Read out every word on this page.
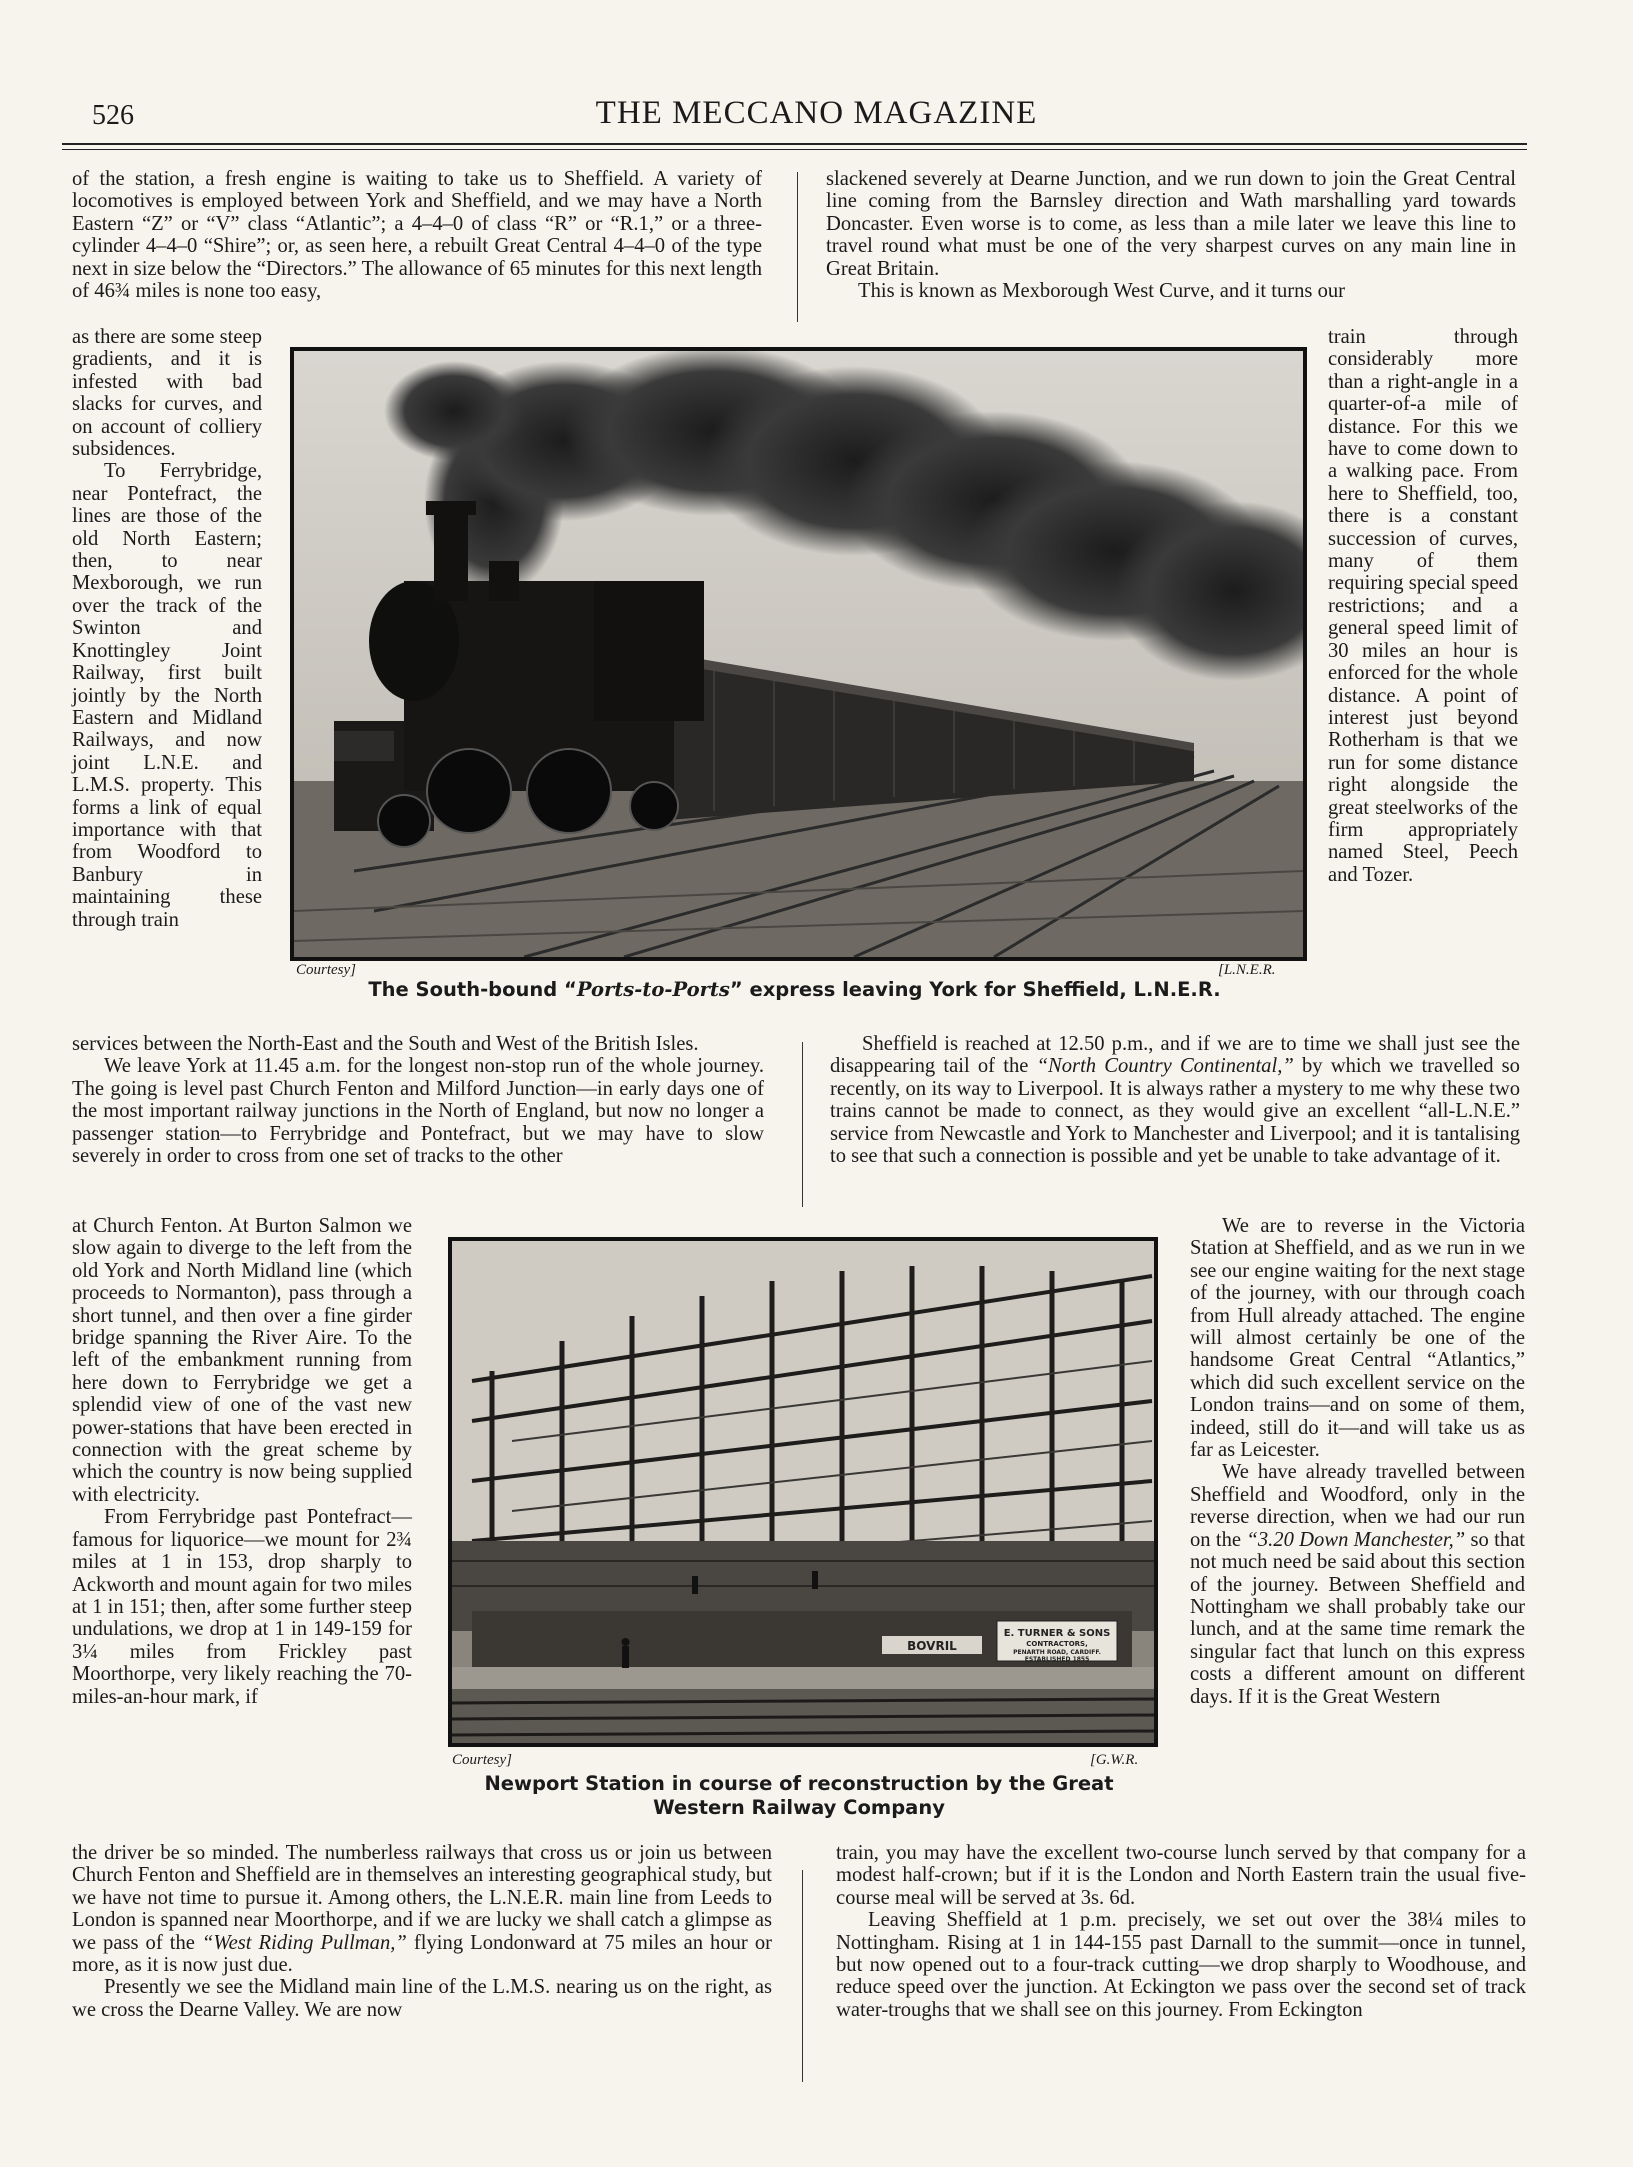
526	THE MECCANO MAGAZINE

of the station, a fresh engine is waiting to take us to Sheffield. A variety of locomotives is employed between York and Sheffield, and we may have a North Eastern “Z” or “V” class “Atlantic”; a 4–4–0 of class “R” or “R.1,” or a three-cylinder 4–4–0 “Shire”; or, as seen here, a rebuilt Great Central 4–4–0 of the type next in size below the “Directors.” The allowance of 65 minutes for this next length of 46¾ miles is none too easy,

as there are some steep gradients, and it is infested with bad slacks for curves, and on account of colliery subsidences.

To Ferrybridge, near Pontefract, the lines are those of the old North Eastern; then, to near Mexborough, we run over the track of the Swinton and Knottingley Joint Railway, first built jointly by the North Eastern and Midland Railways, and now joint L.N.E. and L.M.S. property. This forms a link of equal importance with that from Woodford to Banbury in maintaining these through train

services between the North-East and the South and West of the British Isles.

We leave York at 11.45 a.m. for the longest non-stop run of the whole journey. The going is level past Church Fenton and Milford Junction—in early days one of the most important railway junctions in the North of England, but now no longer a passenger station—to Ferrybridge and Pontefract, but we may have to slow severely in order to cross from one set of tracks to the other

at Church Fenton. At Burton Salmon we slow again to diverge to the left from the old York and North Midland line (which proceeds to Normanton), pass through a short tunnel, and then over a fine girder bridge spanning the River Aire. To the left of the embankment running from here down to Ferrybridge we get a splendid view of one of the vast new power-stations that have been erected in connection with the great scheme by which the country is now being supplied with electricity.

From Ferrybridge past Pontefract—famous for liquorice—we mount for 2¾ miles at 1 in 153, drop sharply to Ackworth and mount again for two miles at 1 in 151; then, after some further steep undulations, we drop at 1 in 149-159 for 3¼ miles from Frickley past Moorthorpe, very likely reaching the 70-miles-an-hour mark, if

the driver be so minded. The numberless railways that cross us or join us between Church Fenton and Sheffield are in themselves an interesting geographical study, but we have not time to pursue it. Among others, the L.N.E.R. main line from Leeds to London is spanned near Moorthorpe, and if we are lucky we shall catch a glimpse as we pass of the “West Riding Pullman,” flying Londonward at 75 miles an hour or more, as it is now just due.

Presently we see the Midland main line of the L.M.S. nearing us on the right, as we cross the Dearne Valley. We are now

slackened severely at Dearne Junction, and we run down to join the Great Central line coming from the Barnsley direction and Wath marshalling yard towards Doncaster. Even worse is to come, as less than a mile later we leave this line to travel round what must be one of the very sharpest curves on any main line in Great Britain.

This is known as Mexborough West Curve, and it turns our

train through considerably more than a right-angle in a quarter-of-a mile of distance. For this we have to come down to a walking pace. From here to Sheffield, too, there is a constant succession of curves, many of them requiring special speed restrictions; and a general speed limit of 30 miles an hour is enforced for the whole distance. A point of interest just beyond Rotherham is that we run for some distance right alongside the great steelworks of the firm appropriately named Steel, Peech and Tozer.

Sheffield is reached at 12.50 p.m., and if we are to time we shall just see the disappearing tail of the “North Country Continental,” by which we travelled so recently, on its way to Liverpool. It is always rather a mystery to me why these two trains cannot be made to connect, as they would give an excellent “all-L.N.E.” service from Newcastle and York to Manchester and Liverpool; and it is tantalising to see that such a connection is possible and yet be unable to take advantage of it.

We are to reverse in the Victoria Station at Sheffield, and as we run in we see our engine waiting for the next stage of the journey, with our through coach from Hull already attached. The engine will almost certainly be one of the handsome Great Central “Atlantics,” which did such excellent service on the London trains—and on some of them, indeed, still do it—and will take us as far as Leicester.

We have already travelled between Sheffield and Woodford, only in the reverse direction, when we had our run on the “3.20 Down Manchester,” so that not much need be said about this section of the journey. Between Sheffield and Nottingham we shall probably take our lunch, and at the same time remark the singular fact that lunch on this express costs a different amount on different days. If it is the Great Western

train, you may have the excellent two-course lunch served by that company for a modest half-crown; but if it is the London and North Eastern train the usual five-course meal will be served at 3s. 6d.

Leaving Sheffield at 1 p.m. precisely, we set out over the 38¼ miles to Nottingham. Rising at 1 in 144-155 past Darnall to the summit—once in tunnel, but now opened out to a four-track cutting—we drop sharply to Woodhouse, and reduce speed over the junction. At Eckington we pass over the second set of track water-troughs that we shall see on this journey. From Eckington

Courtesy]	[L.N.E.R.
The South-bound “Ports-to-Ports” express leaving York for Sheffield, L.N.E.R.
E. TURNER & SONS
CONTRACTORS,
PENARTH ROAD, CARDIFF.
ESTABLISHED 1855
BOVRIL
Courtesy]	[G.W.R.
Newport Station in course of reconstruction by the Great Western Railway Company
